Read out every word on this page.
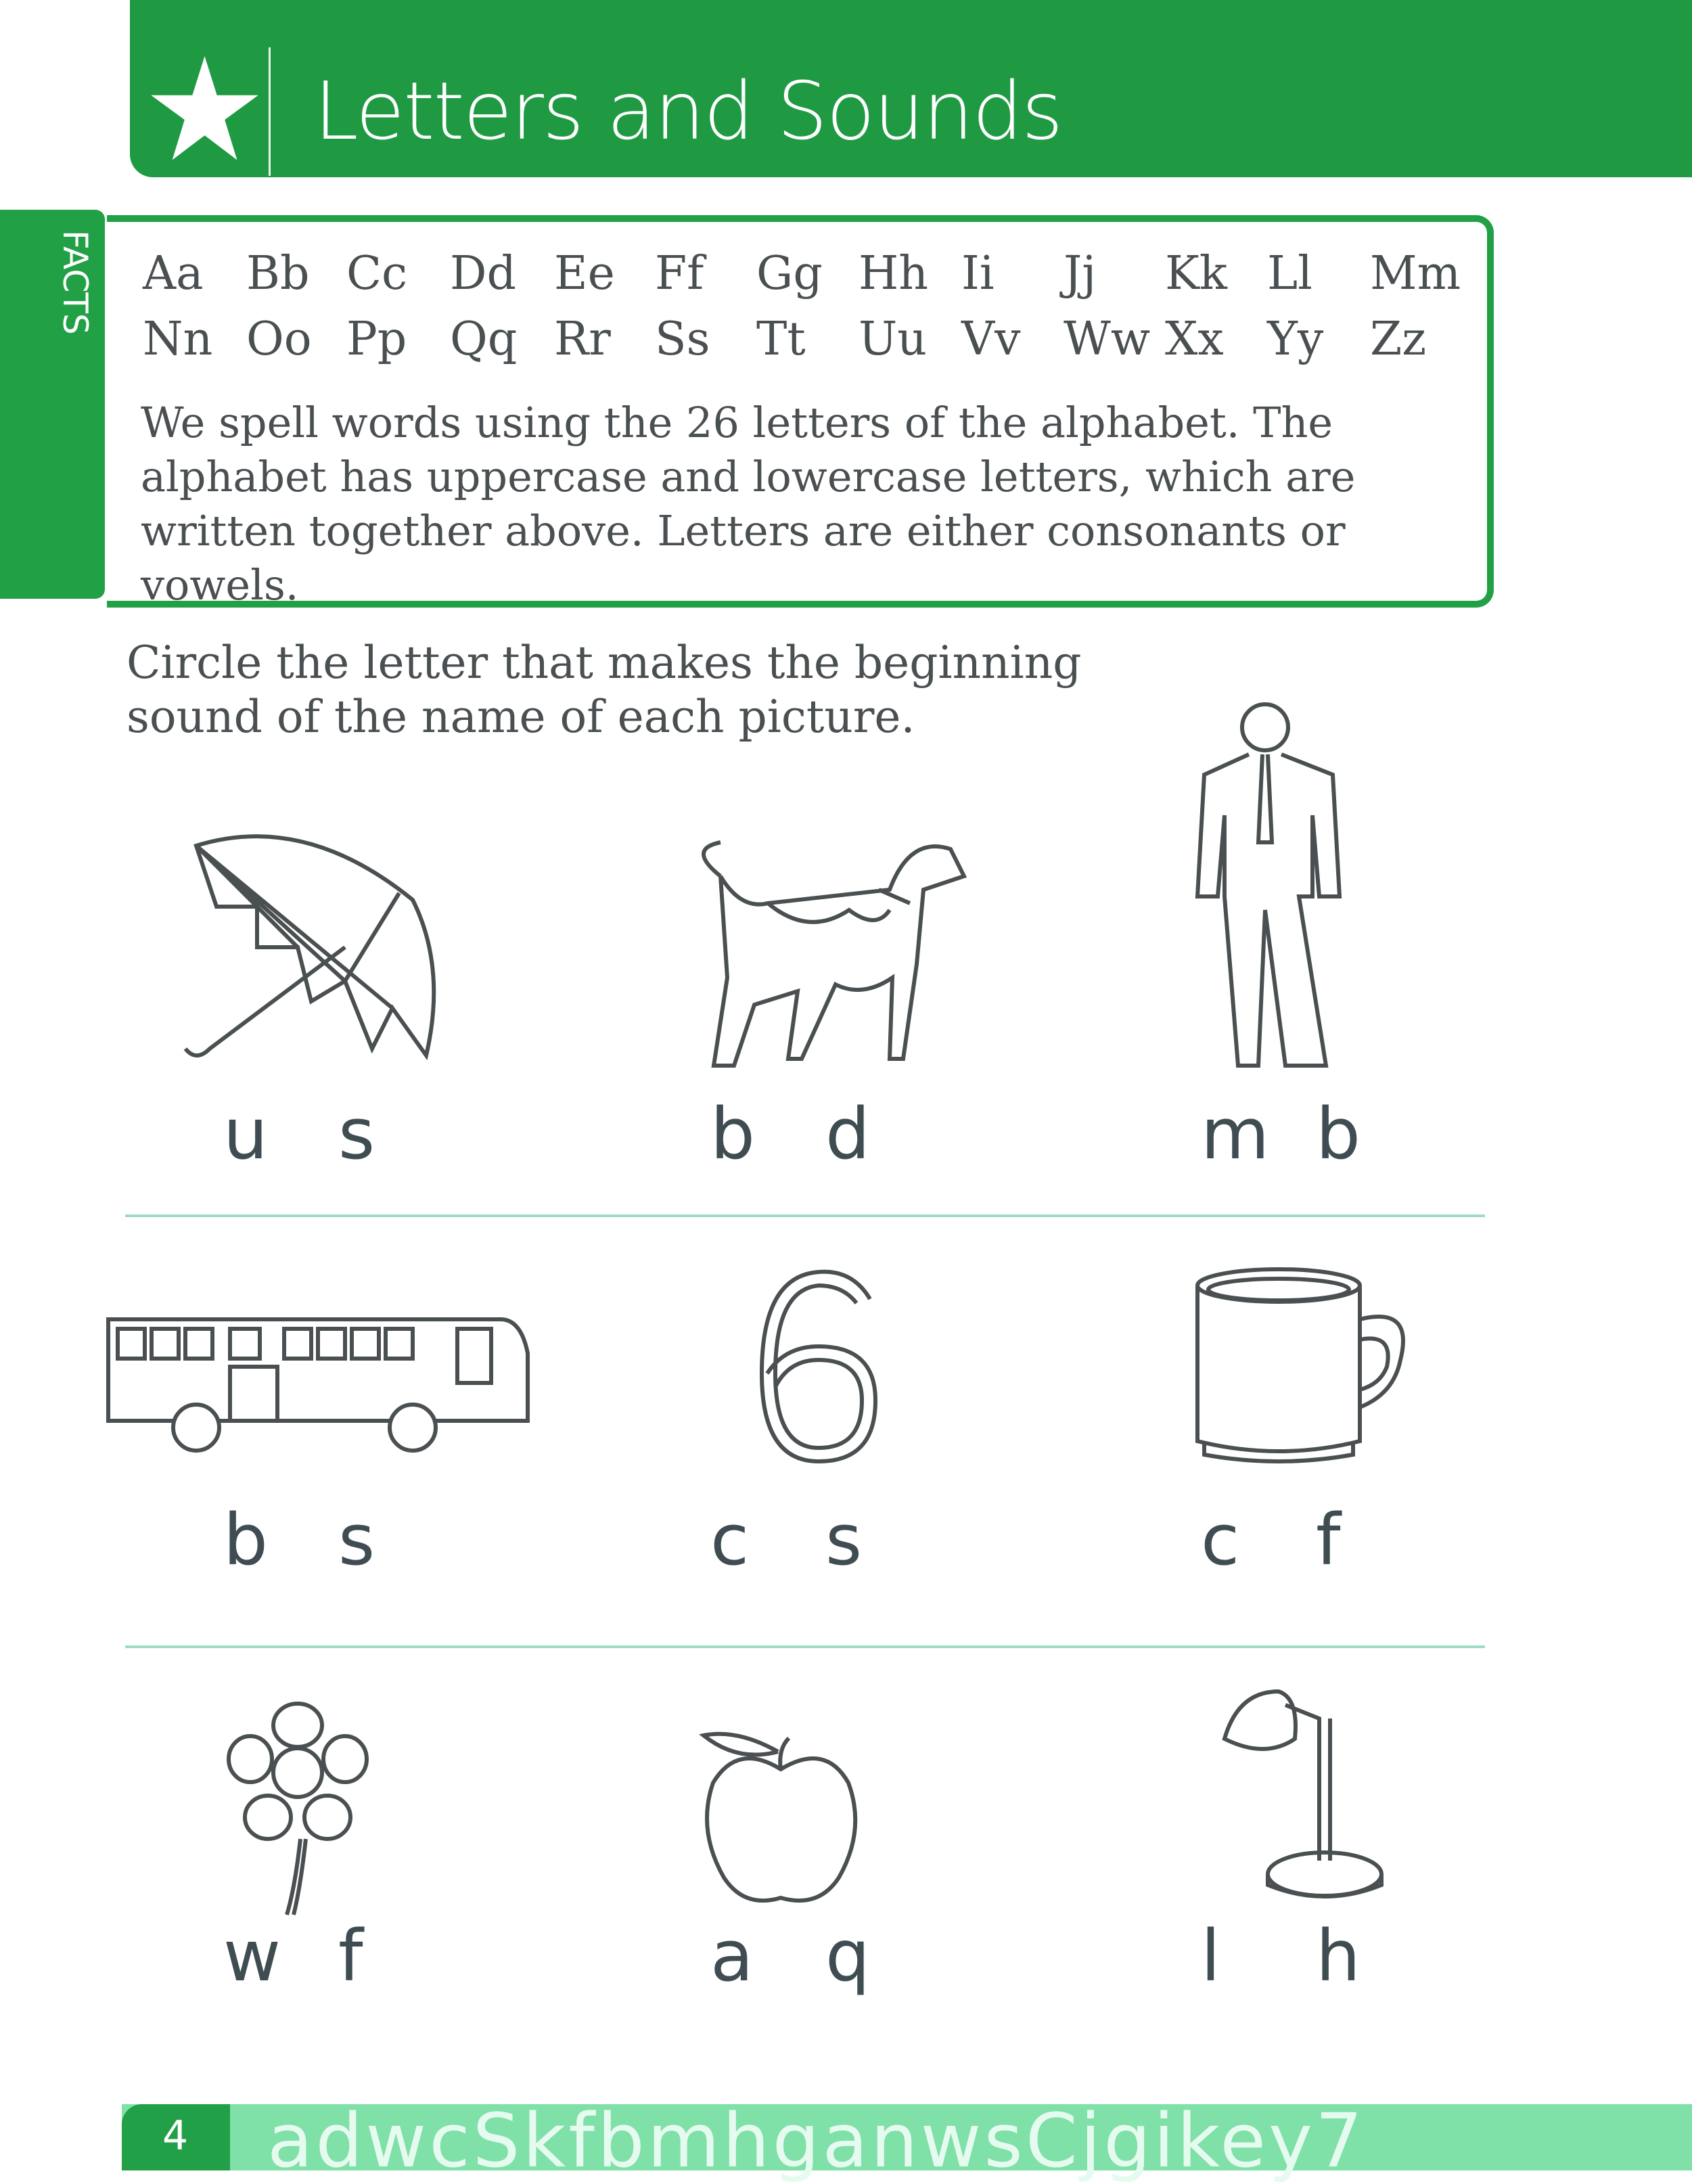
Letters and Sounds
FACTS Aa Bb Cc Dd Ee Ff Gg Hh Ii Jj Kk Ll Mm
Nn Oo Pp Qq Rr Ss Tt Uu Vv Ww Xx Yy Zz
We spell words using the 26 letters of the alphabet. The alphabet has uppercase and lowercase letters, which are written together above. Letters are either consonants or vowels.
Circle the letter that makes the beginning sound of the name of each picture.
u s	b d	m b
b s	c s	c f
w f	a q	l h
4 adwcSkfbmhganwsCjgikey7
